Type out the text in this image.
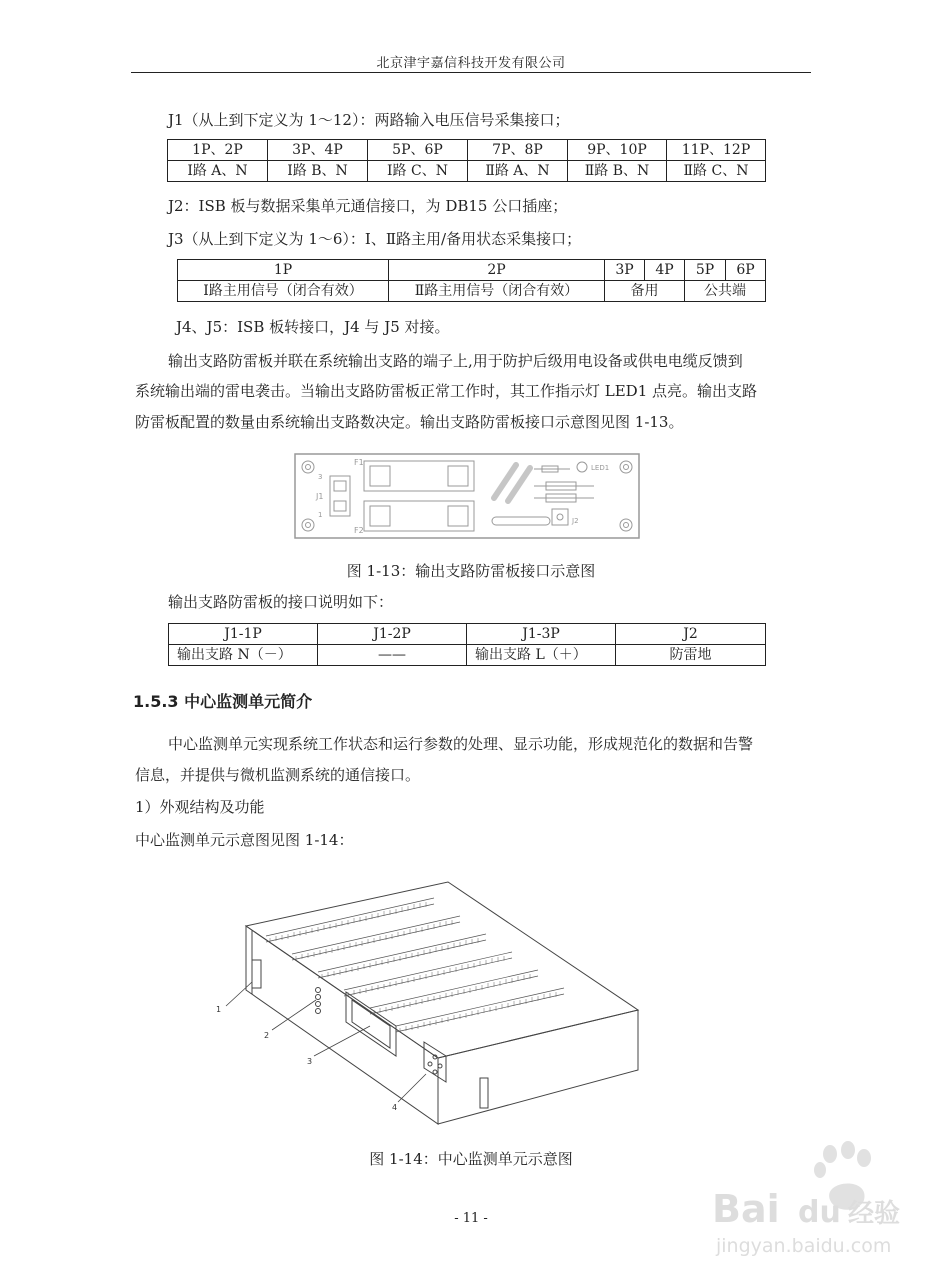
北京津宇嘉信科技开发有限公司
J1（从上到下定义为 1～12）：两路输入电压信号采集接口；
1P、2P	3P、4P	5P、6P	7P、8P	9P、10P	11P、12P
Ⅰ路 A、N	Ⅰ路 B、N	Ⅰ路 C、N	Ⅱ路 A、N	Ⅱ路 B、N	Ⅱ路 C、N
J2：ISB 板与数据采集单元通信接口，为 DB15 公口插座；
J3（从上到下定义为 1～6）：Ⅰ、Ⅱ路主用/备用状态采集接口；
1P	2P	3P	4P	5P	6P
Ⅰ路主用信号（闭合有效）	Ⅱ路主用信号（闭合有效）	备用		公共端	
J4、J5：ISB 板转接口，J4 与 J5 对接。
输出支路防雷板并联在系统输出支路的端子上,用于防护后级用电设备或供电电缆反馈到
系统输出端的雷电袭击。当输出支路防雷板正常工作时，其工作指示灯 LED1 点亮。输出支路
防雷板配置的数量由系统输出支路数决定。输出支路防雷板接口示意图见图 1-13。
F1
F2
3
J1
1
LED1
J2
图 1-13：输出支路防雷板接口示意图
输出支路防雷板的接口说明如下：
J1-1P	J1-2P	J1-3P	J2
输出支路 N（－）	——	输出支路 L（＋）	防雷地
1.5.3 中心监测单元简介
中心监测单元实现系统工作状态和运行参数的处理、显示功能，形成规范化的数据和告警
信息，并提供与微机监测系统的通信接口。
1）外观结构及功能
中心监测单元示意图见图 1-14：
1
2
3
4
图 1-14：中心监测单元示意图
- 11 -	Bai du 经验
jingyan.baidu.com
